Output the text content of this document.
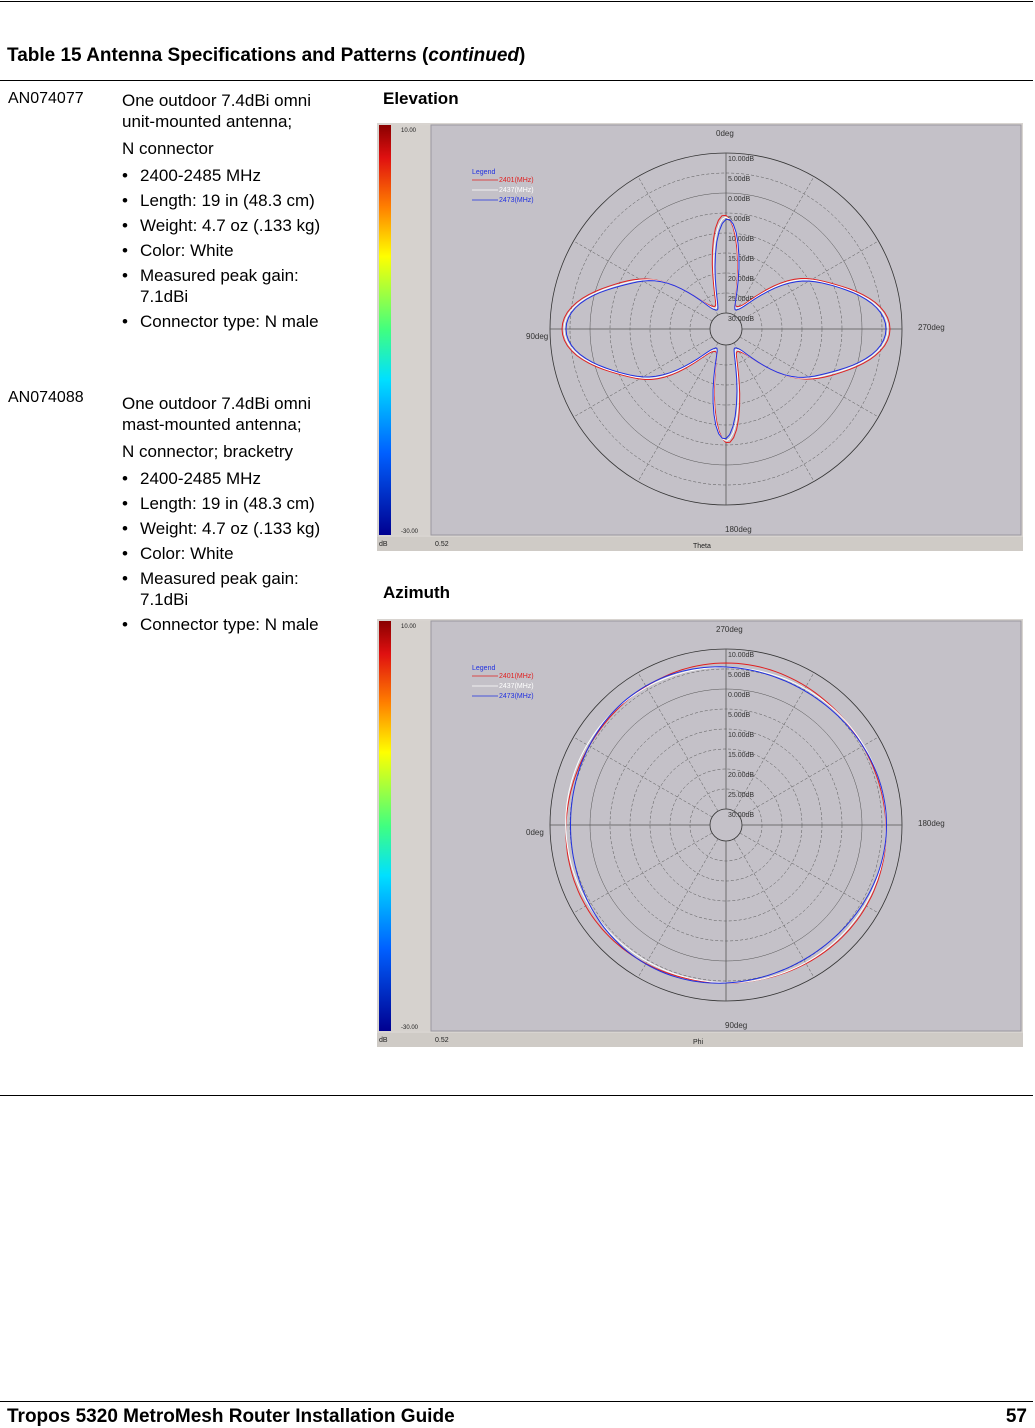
Table 15 Antenna Specifications and Patterns (continued)
AN074077 One outdoor 7.4dBi omni unit-mounted antenna;

N connector

• 2400-2485 MHz
• Length: 19 in (48.3 cm)
• Weight: 4.7 oz (.133 kg)
• Color: White
• Measured peak gain: 7.1dBi
• Connector type: N male
AN074088 One outdoor 7.4dBi omni mast-mounted antenna;

N connector; bracketry

• 2400-2485 MHz
• Length: 19 in (48.3 cm)
• Weight: 4.7 oz (.133 kg)
• Color: White
• Measured peak gain: 7.1dBi
• Connector type: N male
Elevation
10.00
-30.00
dB	0.52	Theta
10.00dB
5.00dB
0.00dB
5.00dB
10.00dB
15.00dB
20.00dB
25.00dB
30.00dB
0deg
90deg
270deg
180deg
Legend
2401(MHz)
2437(MHz)
2473(MHz)
Azimuth
10.00
-30.00
dB	0.52	Phi
10.00dB
5.00dB
0.00dB
5.00dB
10.00dB
15.00dB
20.00dB
25.00dB
30.00dB
270deg
0deg
180deg
90deg
Legend
2401(MHz)
2437(MHz)
2473(MHz)
Tropos 5320 MetroMesh Router Installation Guide	57
